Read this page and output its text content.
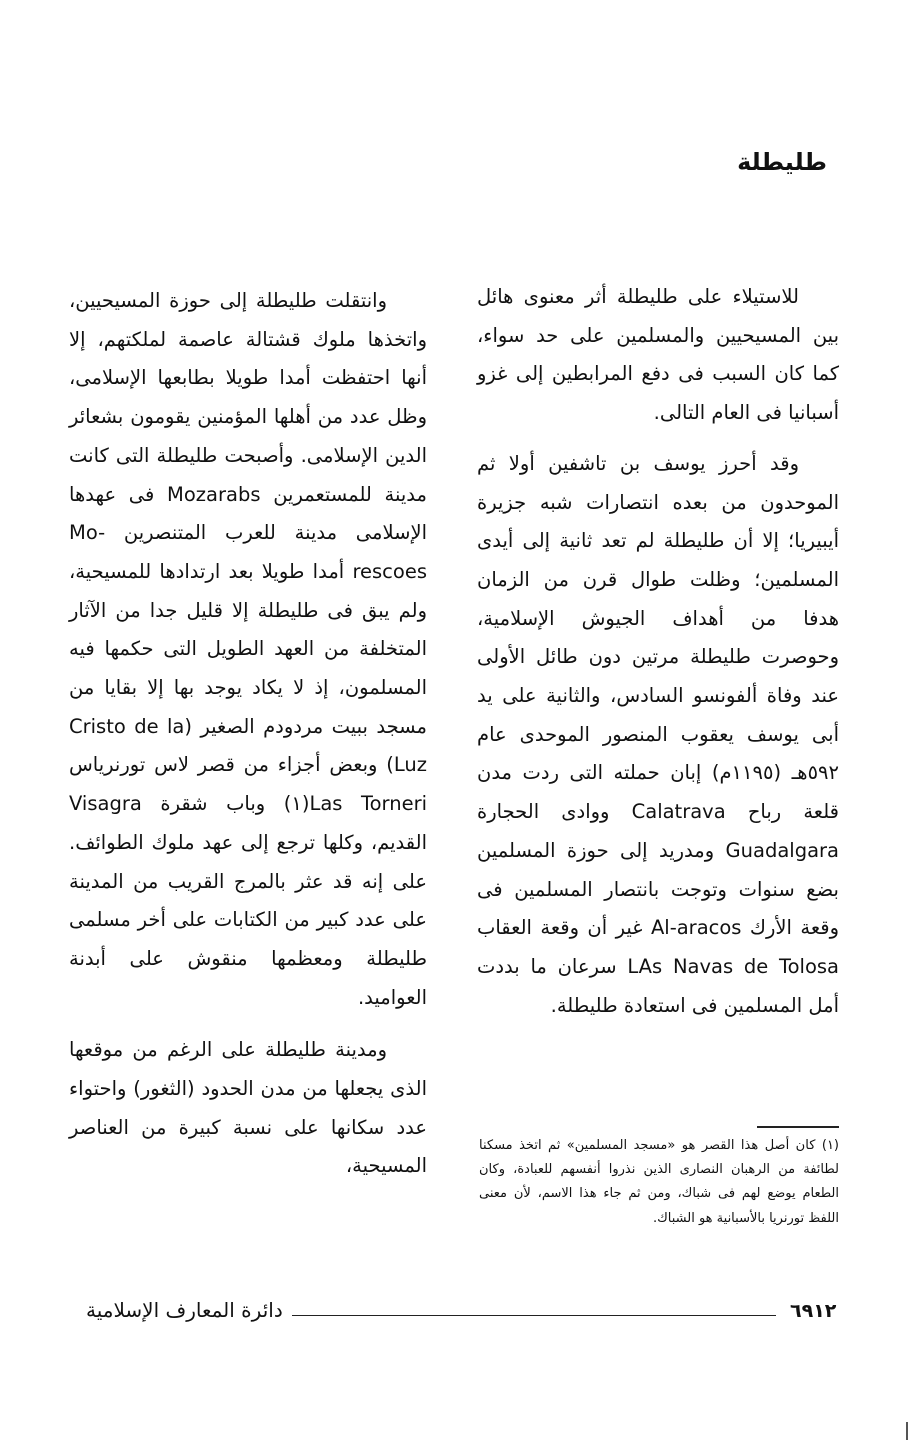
طليطلة

للاستيلاء على طليطلة أثر معنوى هائل بين المسيحيين والمسلمين على حد سواء، كما كان السبب فى دفع المرابطين إلى غزو أسبانيا فى العام التالى.

وقد أحرز يوسف بن تاشفين أولا ثم الموحدون من بعده انتصارات شبه جزيرة أيبيريا؛ إلا أن طليطلة لم تعد ثانية إلى أيدى المسلمين؛ وظلت طوال قرن من الزمان هدفا من أهداف الجيوش الإسلامية، وحوصرت طليطلة مرتين دون طائل الأولى عند وفاة ألفونسو السادس، والثانية على يد أبى يوسف يعقوب المنصور الموحدى عام ٥٩٢هـ (١١٩٥م) إبان حملته التى ردت مدن قلعة رباح Calatrava ووادى الحجارة Guadalgara ومدريد إلى حوزة المسلمين بضع سنوات وتوجت بانتصار المسلمين فى وقعة الأرك Al-aracos غير أن وقعة العقاب LAs Navas de Tolosa سرعان ما بددت أمل المسلمين فى استعادة طليطلة.

وانتقلت طليطلة إلى حوزة المسيحيين، واتخذها ملوك قشتالة عاصمة لملكتهم، إلا أنها احتفظت أمدا طويلا بطابعها الإسلامى، وظل عدد من أهلها المؤمنين يقومون بشعائر الدين الإسلامى. وأصبحت طليطلة التى كانت مدينة للمستعمرين Mozarabs فى عهدها الإسلامى مدينة للعرب المتنصرين Mo-rescoes أمدا طويلا بعد ارتدادها للمسيحية، ولم يبق فى طليطلة إلا قليل جدا من الآثار المتخلفة من العهد الطويل التى حكمها فيه المسلمون، إذ لا يكاد يوجد بها إلا بقايا من مسجد ببيت مردودم الصغير (Cristo de la Luz) وبعض أجزاء من قصر لاس تورنرياس Las Torneri(١) وباب شقرة Visagra القديم، وكلها ترجع إلى عهد ملوك الطوائف. على إنه قد عثر بالمرج القريب من المدينة على عدد كبير من الكتابات على أخر مسلمى طليطلة ومعظمها منقوش على أبدنة العواميد.

ومدينة طليطلة على الرغم من موقعها الذى يجعلها من مدن الحدود (الثغور) واحتواء عدد سكانها على نسبة كبيرة من العناصر المسيحية،

(١) كان أصل هذا القصر هو «مسجد المسلمين» ثم اتخذ مسكنا لطائفة من الرهبان النصارى الذين نذروا أنفسهم للعبادة، وكان الطعام يوضع لهم فى شباك، ومن ثم جاء هذا الاسم، لأن معنى اللفظ تورنريا بالأسبانية هو الشباك.
٦٩١٢
دائرة المعارف الإسلامية
